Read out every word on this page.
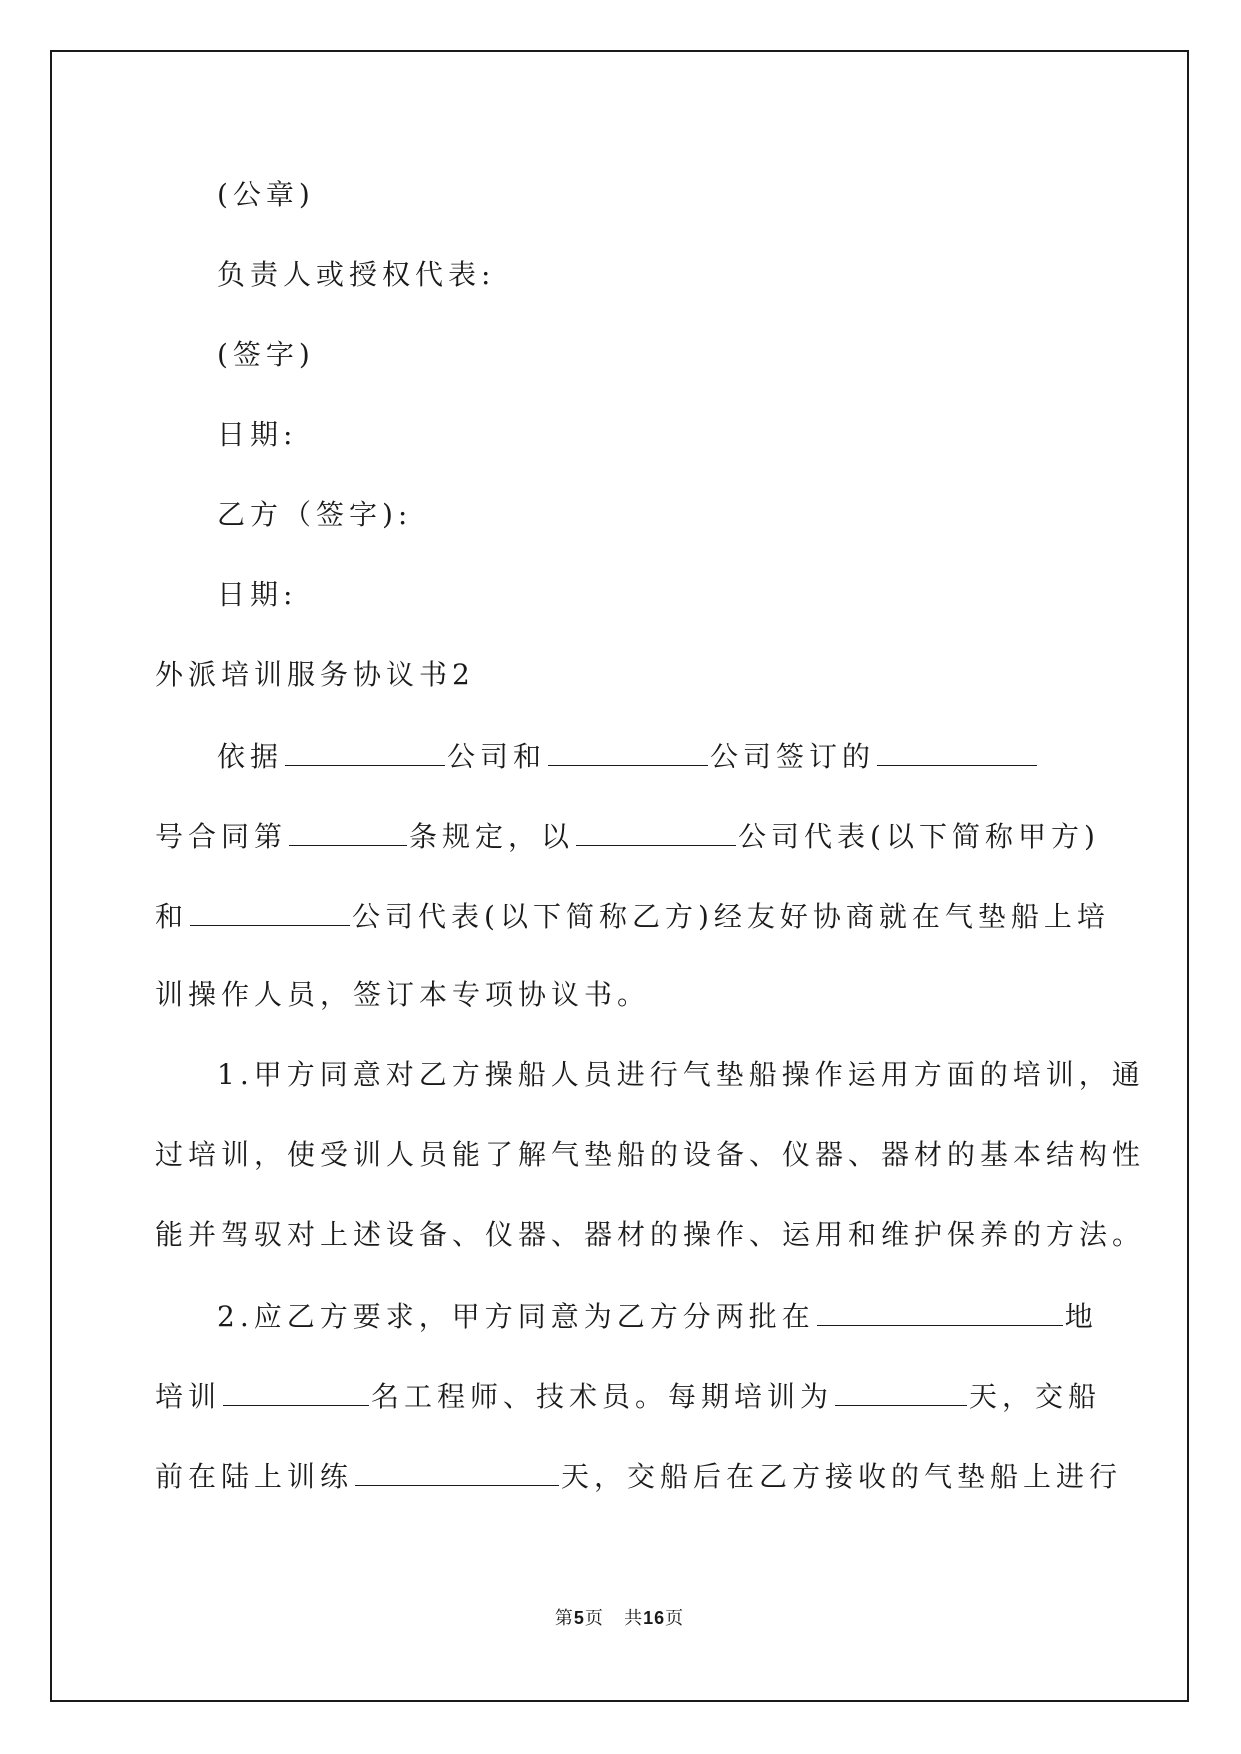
(公章)
负责人或授权代表:
(签字)
日期:
乙方（签字):
日期:
外派培训服务协议书2
依据	公司和	公司签订的
号合同第	条规定，以	公司代表(以下简称甲方)
和	公司代表(以下简称乙方)经友好协商就在气垫船上培
训操作人员，签订本专项协议书。
1.甲方同意对乙方操船人员进行气垫船操作运用方面的培训，通
过培训，使受训人员能了解气垫船的设备、仪器、器材的基本结构性
能并驾驭对上述设备、仪器、器材的操作、运用和维护保养的方法。
2.应乙方要求，甲方同意为乙方分两批在	地
培训	名工程师、技术员。每期培训为	天，交船
前在陆上训练	天，交船后在乙方接收的气垫船上进行
第5页 共16页
